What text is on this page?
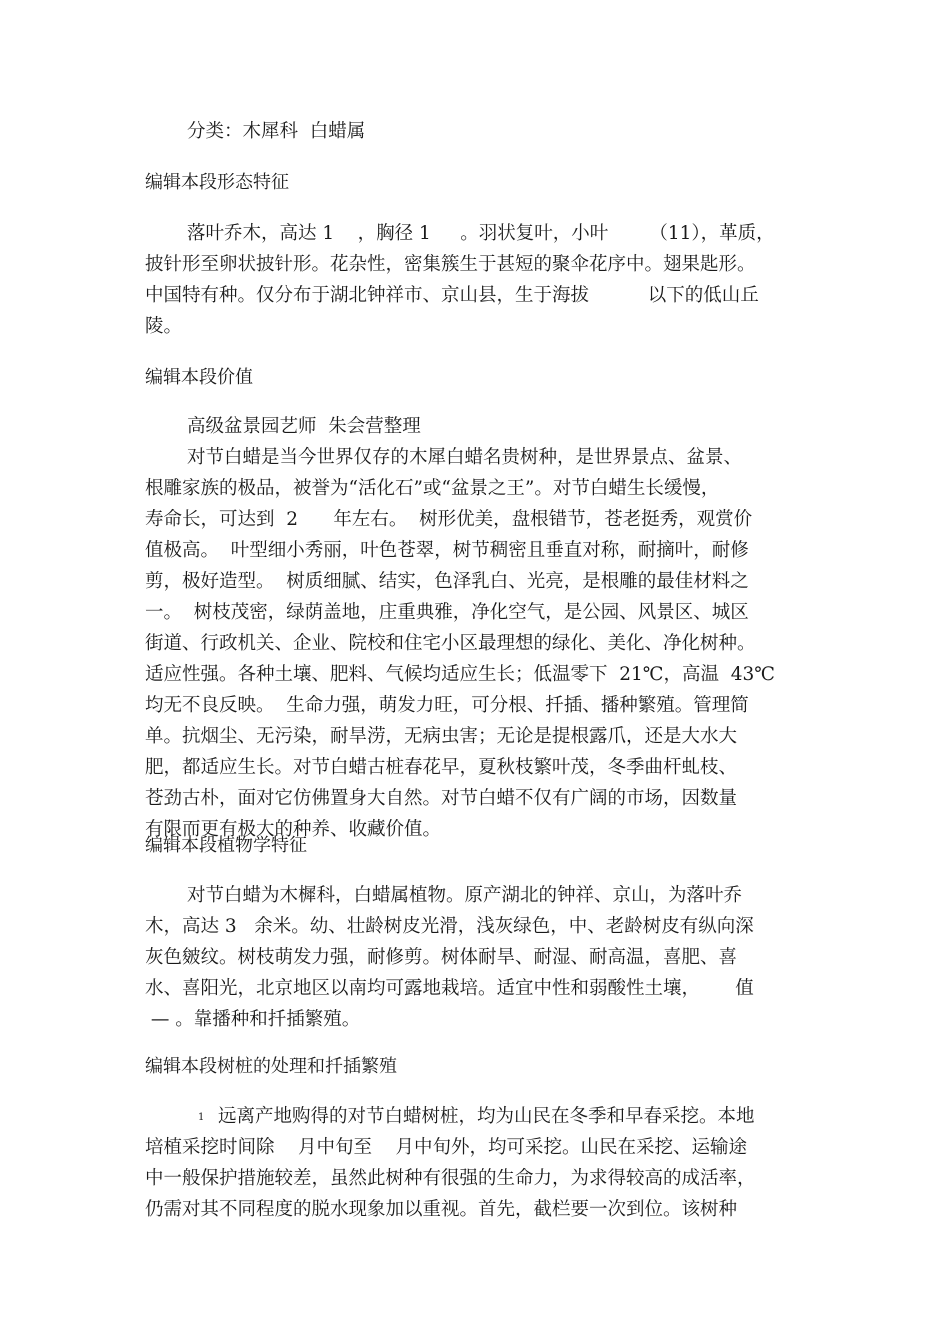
分类：木犀科  白蜡属
编辑本段形态特征
落叶乔木，高达 1    ，胸径 1     。羽状复叶，小叶       （11），革质，
披针形至卵状披针形。花杂性，密集簇生于甚短的聚伞花序中。翅果匙形。
中国特有种。仅分布于湖北钟祥市、京山县，生于海拔          以下的低山丘
陵。
编辑本段价值
高级盆景园艺师  朱会营整理
对节白蜡是当今世界仅存的木犀白蜡名贵树种，是世界景点、盆景、
根雕家族的极品，被誉为“活化石”或“盆景之王”。对节白蜡生长缓慢，
寿命长，可达到  2      年左右。  树形优美，盘根错节，苍老挺秀，观赏价
值极高。  叶型细小秀丽，叶色苍翠，树节稠密且垂直对称，耐摘叶，耐修
剪，极好造型。  树质细腻、结实，色泽乳白、光亮，是根雕的最佳材料之
一。  树枝茂密，绿荫盖地，庄重典雅，净化空气，是公园、风景区、城区
街道、行政机关、企业、院校和住宅小区最理想的绿化、美化、净化树种。
适应性强。各种土壤、肥料、气候均适应生长；低温零下  21℃，高温  43℃
均无不良反映。  生命力强，萌发力旺，可分根、扦插、播种繁殖。管理简
单。抗烟尘、无污染，耐旱涝，无病虫害；无论是提根露爪，还是大水大
肥，都适应生长。对节白蜡古桩春花早，夏秋枝繁叶茂，冬季曲杆虬枝、
苍劲古朴，面对它仿佛置身大自然。对节白蜡不仅有广阔的市场，因数量
有限而更有极大的种养、收藏价值。
编辑本段植物学特征
对节白蜡为木樨科，白蜡属植物。原产湖北的钟祥、京山，为落叶乔
木，高达 3   余米。幼、壮龄树皮光滑，浅灰绿色，中、老龄树皮有纵向深
灰色皴纹。树枝萌发力强，耐修剪。树体耐旱、耐湿、耐高温，喜肥、喜
水、喜阳光，北京地区以南均可露地栽培。适宜中性和弱酸性土壤，      值
— 。靠播种和扦插繁殖。
编辑本段树桩的处理和扦插繁殖
1 远离产地购得的对节白蜡树桩，均为山民在冬季和早春采挖。本地
培植采挖时间除    月中旬至    月中旬外，均可采挖。山民在采挖、运输途
中一般保护措施较差，虽然此树种有很强的生命力，为求得较高的成活率，
仍需对其不同程度的脱水现象加以重视。首先，截栏要一次到位。该树种
